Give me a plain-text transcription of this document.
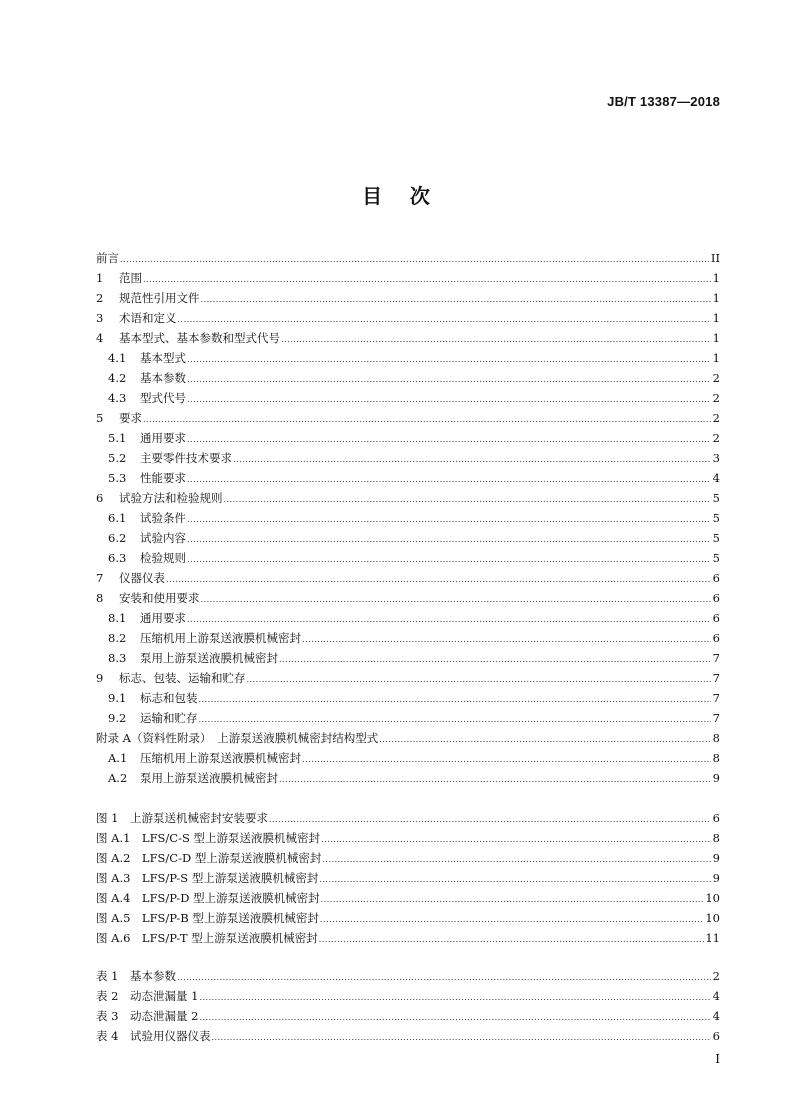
JB/T 13387—2018
目    次
前言 .....	II
1	范围 .....	1
2	规范性引用文件 .....	1
3	术语和定义 .....	1
4	基本型式、基本参数和型式代号 .....	1
4.1	基本型式 .....	1
4.2	基本参数 .....	2
4.3	型式代号 .....	2
5	要求 .....	2
5.1	通用要求 .....	2
5.2	主要零件技术要求 .....	3
5.3	性能要求 .....	4
6	试验方法和检验规则 .....	5
6.1	试验条件 .....	5
6.2	试验内容 .....	5
6.3	检验规则 .....	5
7	仪器仪表 .....	6
8	安装和使用要求 .....	6
8.1	通用要求 .....	6
8.2	压缩机用上游泵送液膜机械密封 .....	6
8.3	泵用上游泵送液膜机械密封 .....	7
9	标志、包装、运输和贮存 .....	7
9.1	标志和包装 .....	7
9.2	运输和贮存 .....	7
附录 A（资料性附录）　上游泵送液膜机械密封结构型式 .....	8
A.1	压缩机用上游泵送液膜机械密封 .....	8
A.2	泵用上游泵送液膜机械密封 .....	9
图 1　上游泵送机械密封安装要求 .....	6
图 A.1　LFS/C-S 型上游泵送液膜机械密封 .....	8
图 A.2　LFS/C-D 型上游泵送液膜机械密封 .....	9
图 A.3　LFS/P-S 型上游泵送液膜机械密封 .....	9
图 A.4　LFS/P-D 型上游泵送液膜机械密封 .....	10
图 A.5　LFS/P-B 型上游泵送液膜机械密封 .....	10
图 A.6　LFS/P-T 型上游泵送液膜机械密封 .....	11
表 1　基本参数 .....	2
表 2　动态泄漏量 1 .....	4
表 3　动态泄漏量 2 .....	4
表 4　试验用仪器仪表 .....	6
I
